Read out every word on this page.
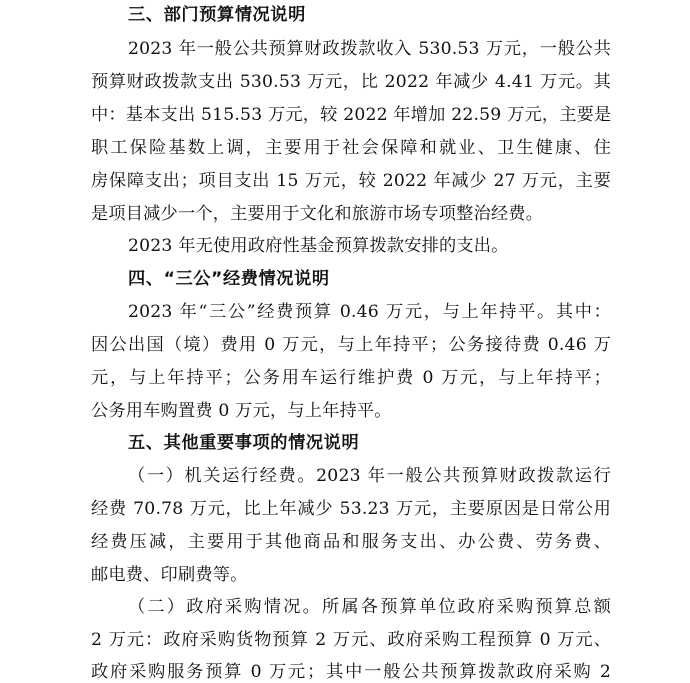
三、部门预算情况说明
2023 年一般公共预算财政拨款收入 530.53 万元，一般公共
预算财政拨款支出 530.53 万元，比 2022 年减少 4.41 万元。其
中：基本支出 515.53 万元，较 2022 年增加 22.59 万元，主要是
职工保险基数上调，主要用于社会保障和就业、卫生健康、住
房保障支出；项目支出 15 万元，较 2022 年减少 27 万元，主要
是项目减少一个，主要用于文化和旅游市场专项整治经费。
2023 年无使用政府性基金预算拨款安排的支出。
四、“三公”经费情况说明
2023 年“三公”经费预算 0.46 万元，与上年持平。其中：
因公出国（境）费用 0 万元，与上年持平；公务接待费 0.46 万
元，与上年持平；公务用车运行维护费 0 万元，与上年持平；
公务用车购置费 0 万元，与上年持平。
五、其他重要事项的情况说明
（一）机关运行经费。2023 年一般公共预算财政拨款运行
经费 70.78 万元，比上年减少 53.23 万元，主要原因是日常公用
经费压减，主要用于其他商品和服务支出、办公费、劳务费、
邮电费、印刷费等。
（二）政府采购情况。所属各预算单位政府采购预算总额
2 万元：政府采购货物预算 2 万元、政府采购工程预算 0 万元、
政府采购服务预算 0 万元；其中一般公共预算拨款政府采购 2
